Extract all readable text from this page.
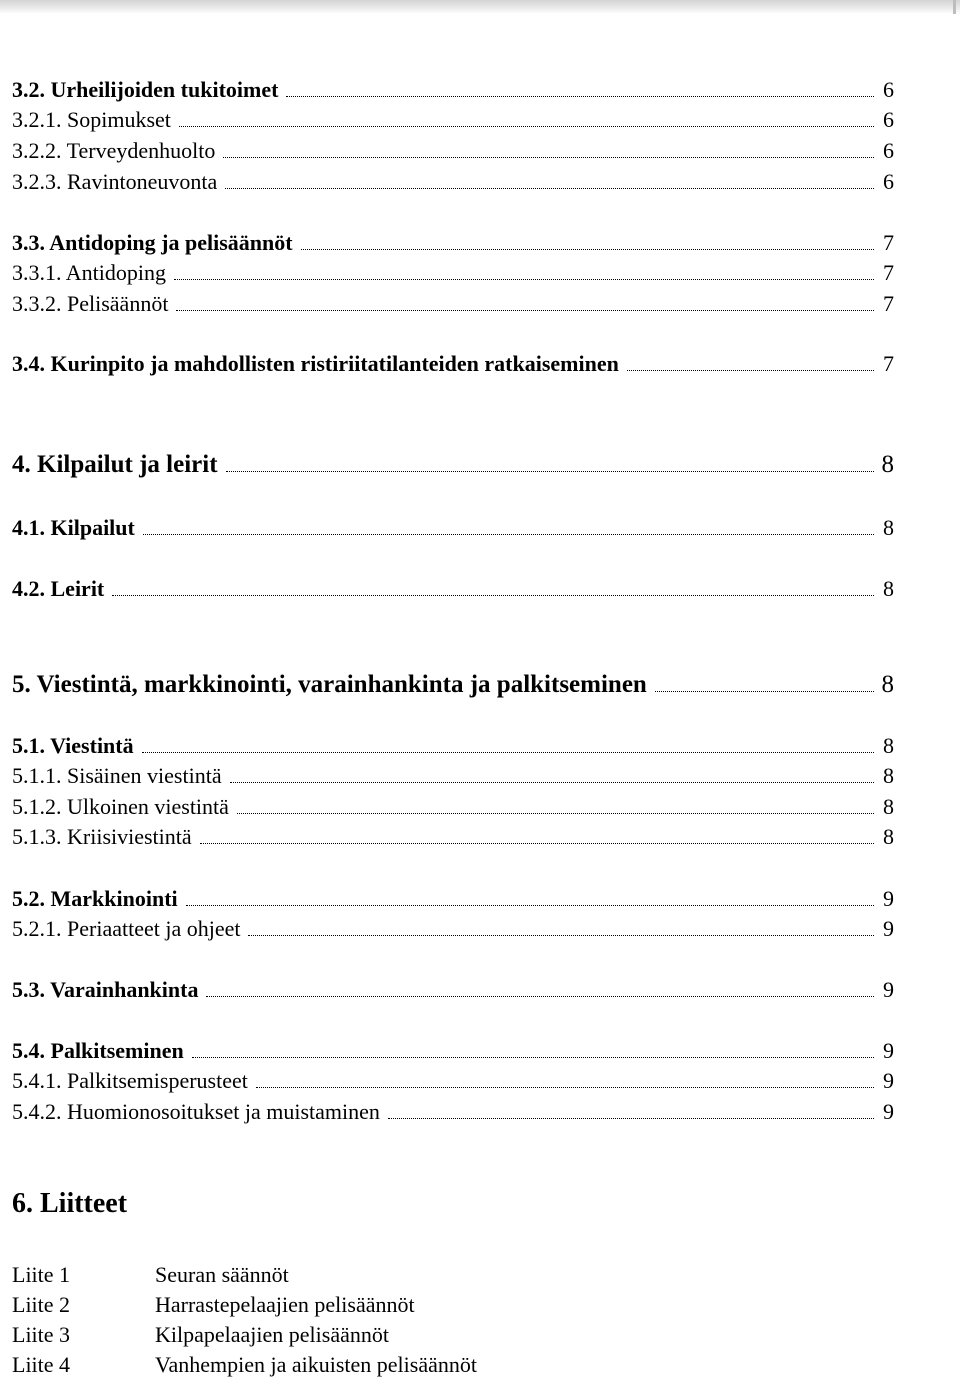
3.2. Urheilijoiden tukitoimet	6
3.2.1. Sopimukset	6
3.2.2. Terveydenhuolto	6
3.2.3. Ravintoneuvonta	6
3.3. Antidoping ja pelisäännöt	7
3.3.1. Antidoping	7
3.3.2. Pelisäännöt	7
3.4. Kurinpito ja mahdollisten ristiriitatilanteiden ratkaiseminen	7
4. Kilpailut ja leirit	8
4.1. Kilpailut	8
4.2. Leirit	8
5. Viestintä, markkinointi, varainhankinta ja palkitseminen	8
5.1. Viestintä	8
5.1.1. Sisäinen viestintä	8
5.1.2. Ulkoinen viestintä	8
5.1.3. Kriisiviestintä	8
5.2. Markkinointi	9
5.2.1. Periaatteet ja ohjeet	9
5.3. Varainhankinta	9
5.4. Palkitseminen	9
5.4.1. Palkitsemisperusteet	9
5.4.2. Huomionosoitukset ja muistaminen	9
6. Liitteet
Liite 1	Seuran säännöt
Liite 2	Harrastepelaajien pelisäännöt
Liite 3	Kilpapelaajien pelisäännöt
Liite 4	Vanhempien ja aikuisten pelisäännöt
